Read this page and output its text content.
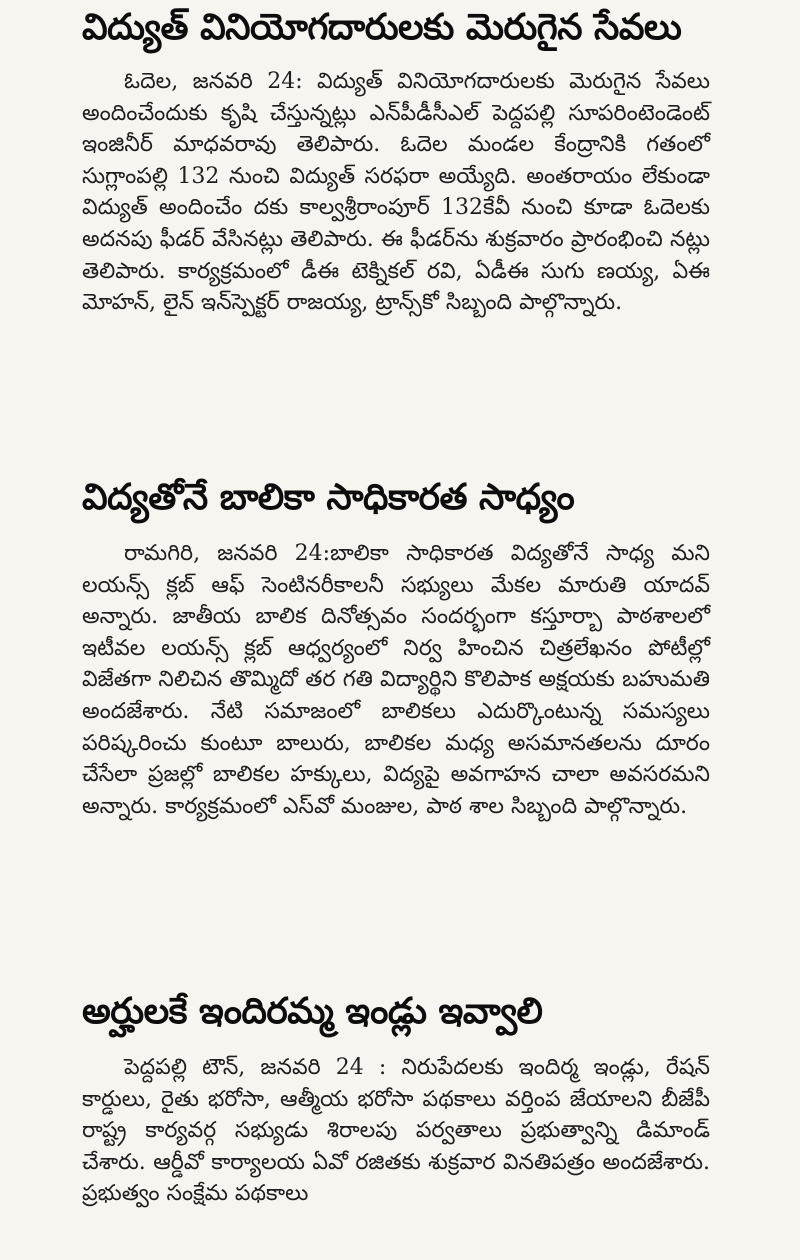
విద్యుత్ వినియోగదారులకు మెరుగైన సేవలు

ఓదెల, జనవరి 24: విద్యుత్ వినియోగదారులకు మెరుగైన సేవలు అందించేందుకు కృషి చేస్తున్నట్లు ఎన్‌పీడీసీఎల్ పెద్దపల్లి సూపరింటెండెంట్ ఇంజినీర్ మాధవరావు తెలిపారు. ఓదెల మండల కేంద్రానికి గతంలో సుగ్లాంపల్లి 132 నుంచి విద్యుత్ సరఫరా అయ్యేది. అంతరాయం లేకుండా విద్యుత్ అందించేం దకు కాల్వశ్రీరాంపూర్ 132కేవీ నుంచి కూడా ఓదెలకు అదనపు ఫీడర్ వేసినట్లు తెలిపారు. ఈ ఫీడర్‌ను శుక్రవారం ప్రారంభించి నట్లు తెలిపారు. కార్యక్రమంలో డీఈ టెక్నికల్ రవి, ఏడీఈ సుగు ణయ్య, ఏఈ మోహన్, లైన్ ఇన్‌స్పెక్టర్ రాజయ్య, ట్రాన్స్‌కో సిబ్బంది పాల్గొన్నారు.

విద్యతోనే బాలికా సాధికారత సాధ్యం

రామగిరి, జనవరి 24:బాలికా సాధికారత విద్యతోనే సాధ్య మని లయన్స్ క్లబ్ ఆఫ్ సెంటినరీకాలనీ సభ్యులు మేకల మారుతి యాదవ్ అన్నారు. జాతీయ బాలిక దినోత్సవం సందర్భంగా కస్తూర్బా పాఠశాలలో ఇటీవల లయన్స్ క్లబ్ ఆధ్వర్యంలో నిర్వ హించిన చిత్రలేఖనం పోటీల్లో విజేతగా నిలిచిన తొమ్మిదో తర గతి విద్యార్థిని కొలిపాక అక్షయకు బహుమతి అందజేశారు. నేటి సమాజంలో బాలికలు ఎదుర్కొంటున్న సమస్యలు పరిష్కరించు కుంటూ బాలురు, బాలికల మధ్య అసమానతలను దూరం చేసేలా ప్రజల్లో బాలికల హక్కులు, విద్యపై అవగాహన చాలా అవసరమని అన్నారు. కార్యక్రమంలో ఎస్‌వో మంజుల, పాఠ శాల సిబ్బంది పాల్గొన్నారు.

అర్హులకే ఇందిరమ్మ ఇండ్లు ఇవ్వాలి

పెద్దపల్లి టౌన్, జనవరి 24 : నిరుపేదలకు ఇందిర్మ ఇండ్లు, రేషన్ కార్డులు, రైతు భరోసా, ఆత్మీయ భరోసా పథకాలు వర్తింప జేయాలని బీజేపీ రాష్ట్ర కార్యవర్గ సభ్యుడు శిరాలపు పర్వతాలు ప్రభుత్వాన్ని డిమాండ్ చేశారు. ఆర్డీవో కార్యాలయ ఏవో రజితకు శుక్రవార వినతిపత్రం అందజేశారు. ప్రభుత్వం సంక్షేమ పథకాలు
